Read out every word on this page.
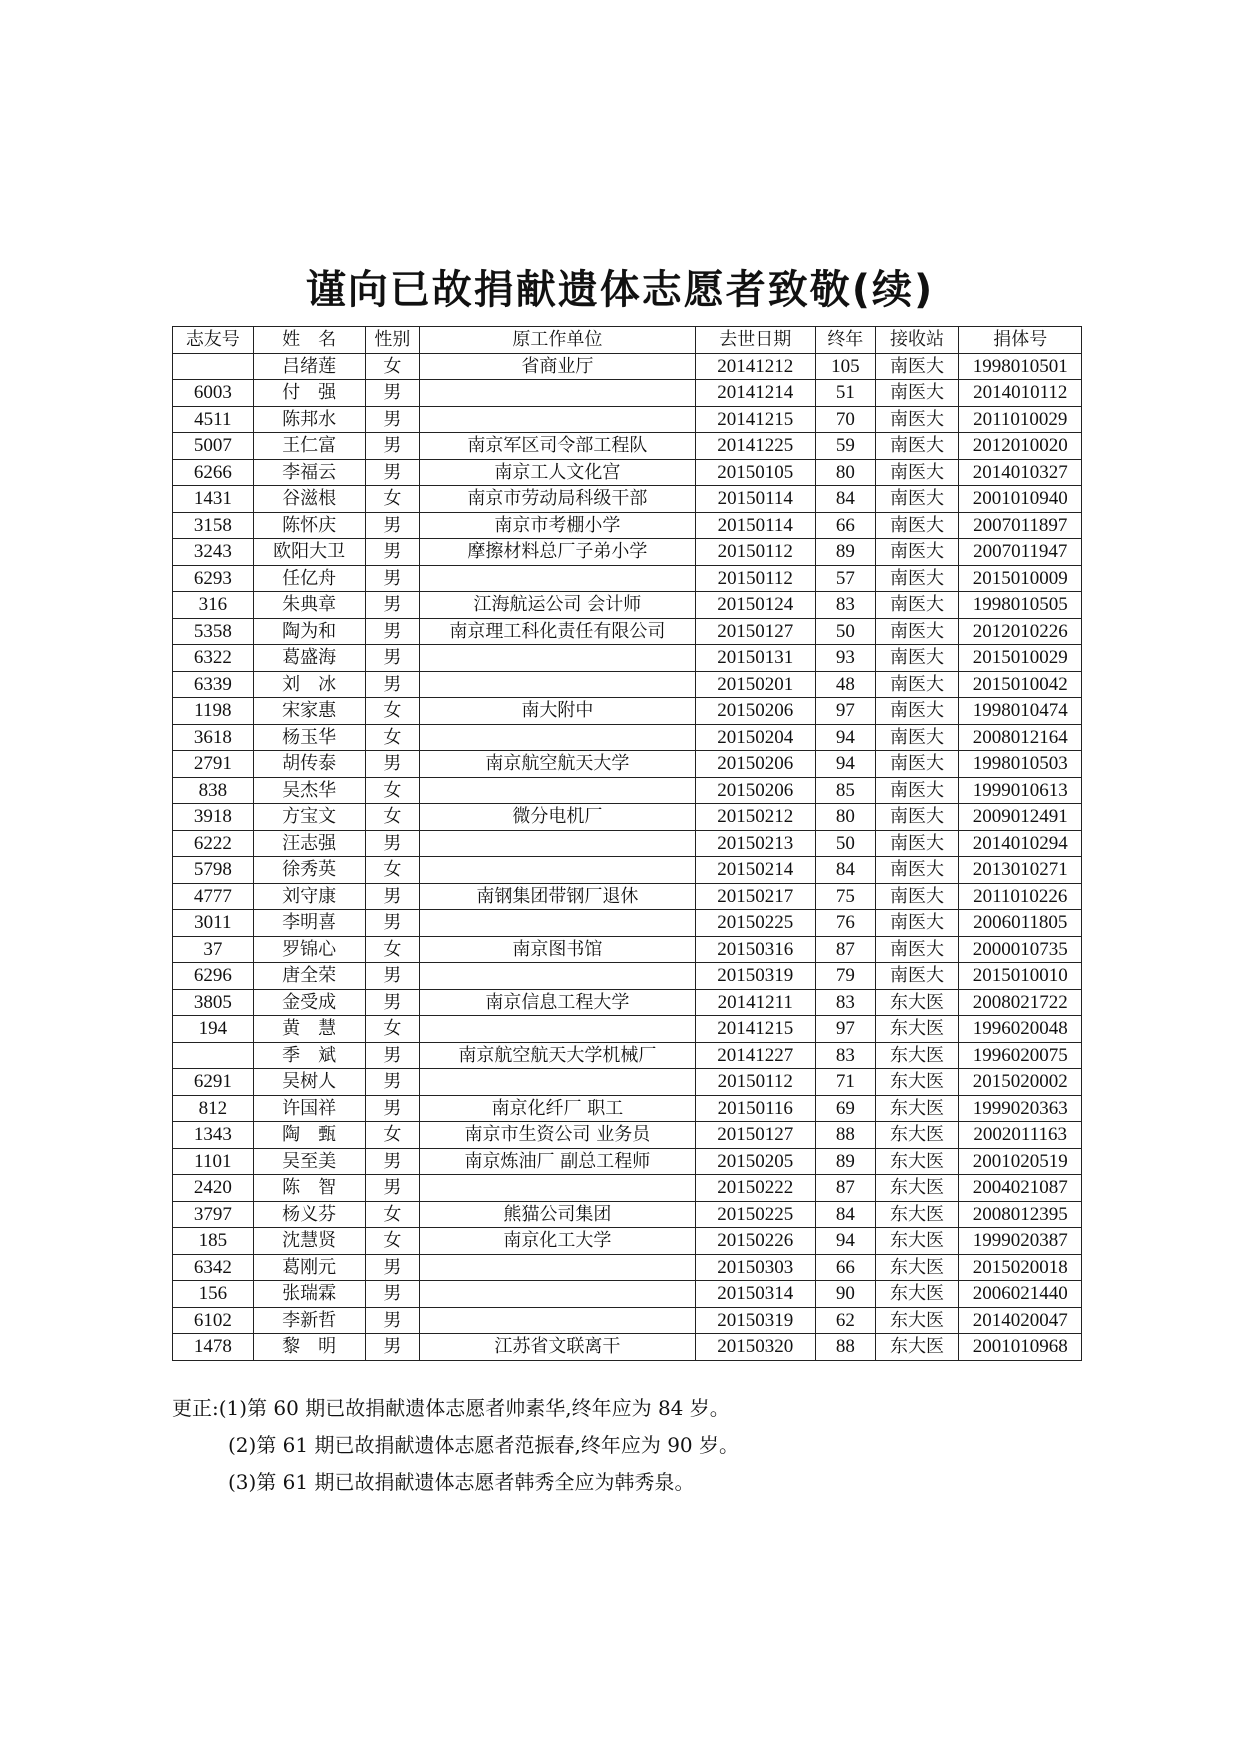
谨向已故捐献遗体志愿者致敬(续)
志友号	姓　名	性别	原工作单位	去世日期	终年	接收站	捐体号
	吕绪莲	女	省商业厅	20141212	105	南医大	1998010501
6003	付　强	男		20141214	51	南医大	2014010112
4511	陈邦水	男		20141215	70	南医大	2011010029
5007	王仁富	男	南京军区司令部工程队	20141225	59	南医大	2012010020
6266	李福云	男	南京工人文化宫	20150105	80	南医大	2014010327
1431	谷滋根	女	南京市劳动局科级干部	20150114	84	南医大	2001010940
3158	陈怀庆	男	南京市考棚小学	20150114	66	南医大	2007011897
3243	欧阳大卫	男	摩擦材料总厂子弟小学	20150112	89	南医大	2007011947
6293	任亿舟	男		20150112	57	南医大	2015010009
316	朱典章	男	江海航运公司 会计师	20150124	83	南医大	1998010505
5358	陶为和	男	南京理工科化责任有限公司	20150127	50	南医大	2012010226
6322	葛盛海	男		20150131	93	南医大	2015010029
6339	刘　冰	男		20150201	48	南医大	2015010042
1198	宋家惠	女	南大附中	20150206	97	南医大	1998010474
3618	杨玉华	女		20150204	94	南医大	2008012164
2791	胡传泰	男	南京航空航天大学	20150206	94	南医大	1998010503
838	吴杰华	女		20150206	85	南医大	1999010613
3918	方宝文	女	微分电机厂	20150212	80	南医大	2009012491
6222	汪志强	男		20150213	50	南医大	2014010294
5798	徐秀英	女		20150214	84	南医大	2013010271
4777	刘守康	男	南钢集团带钢厂退休	20150217	75	南医大	2011010226
3011	李明喜	男		20150225	76	南医大	2006011805
37	罗锦心	女	南京图书馆	20150316	87	南医大	2000010735
6296	唐全荣	男		20150319	79	南医大	2015010010
3805	金受成	男	南京信息工程大学	20141211	83	东大医	2008021722
194	黄　慧	女		20141215	97	东大医	1996020048
	季　斌	男	南京航空航天大学机械厂	20141227	83	东大医	1996020075
6291	吴树人	男		20150112	71	东大医	2015020002
812	许国祥	男	南京化纤厂 职工	20150116	69	东大医	1999020363
1343	陶　甄	女	南京市生资公司 业务员	20150127	88	东大医	2002011163
1101	吴至美	男	南京炼油厂 副总工程师	20150205	89	东大医	2001020519
2420	陈　智	男		20150222	87	东大医	2004021087
3797	杨义芬	女	熊猫公司集团	20150225	84	东大医	2008012395
185	沈慧贤	女	南京化工大学	20150226	94	东大医	1999020387
6342	葛刚元	男		20150303	66	东大医	2015020018
156	张瑞霖	男		20150314	90	东大医	2006021440
6102	李新哲	男		20150319	62	东大医	2014020047
1478	黎　明	男	江苏省文联离干	20150320	88	东大医	2001010968
更正:(1)第 60 期已故捐献遗体志愿者帅素华,终年应为 84 岁。
(2)第 61 期已故捐献遗体志愿者范振春,终年应为 90 岁。
(3)第 61 期已故捐献遗体志愿者韩秀全应为韩秀泉。
